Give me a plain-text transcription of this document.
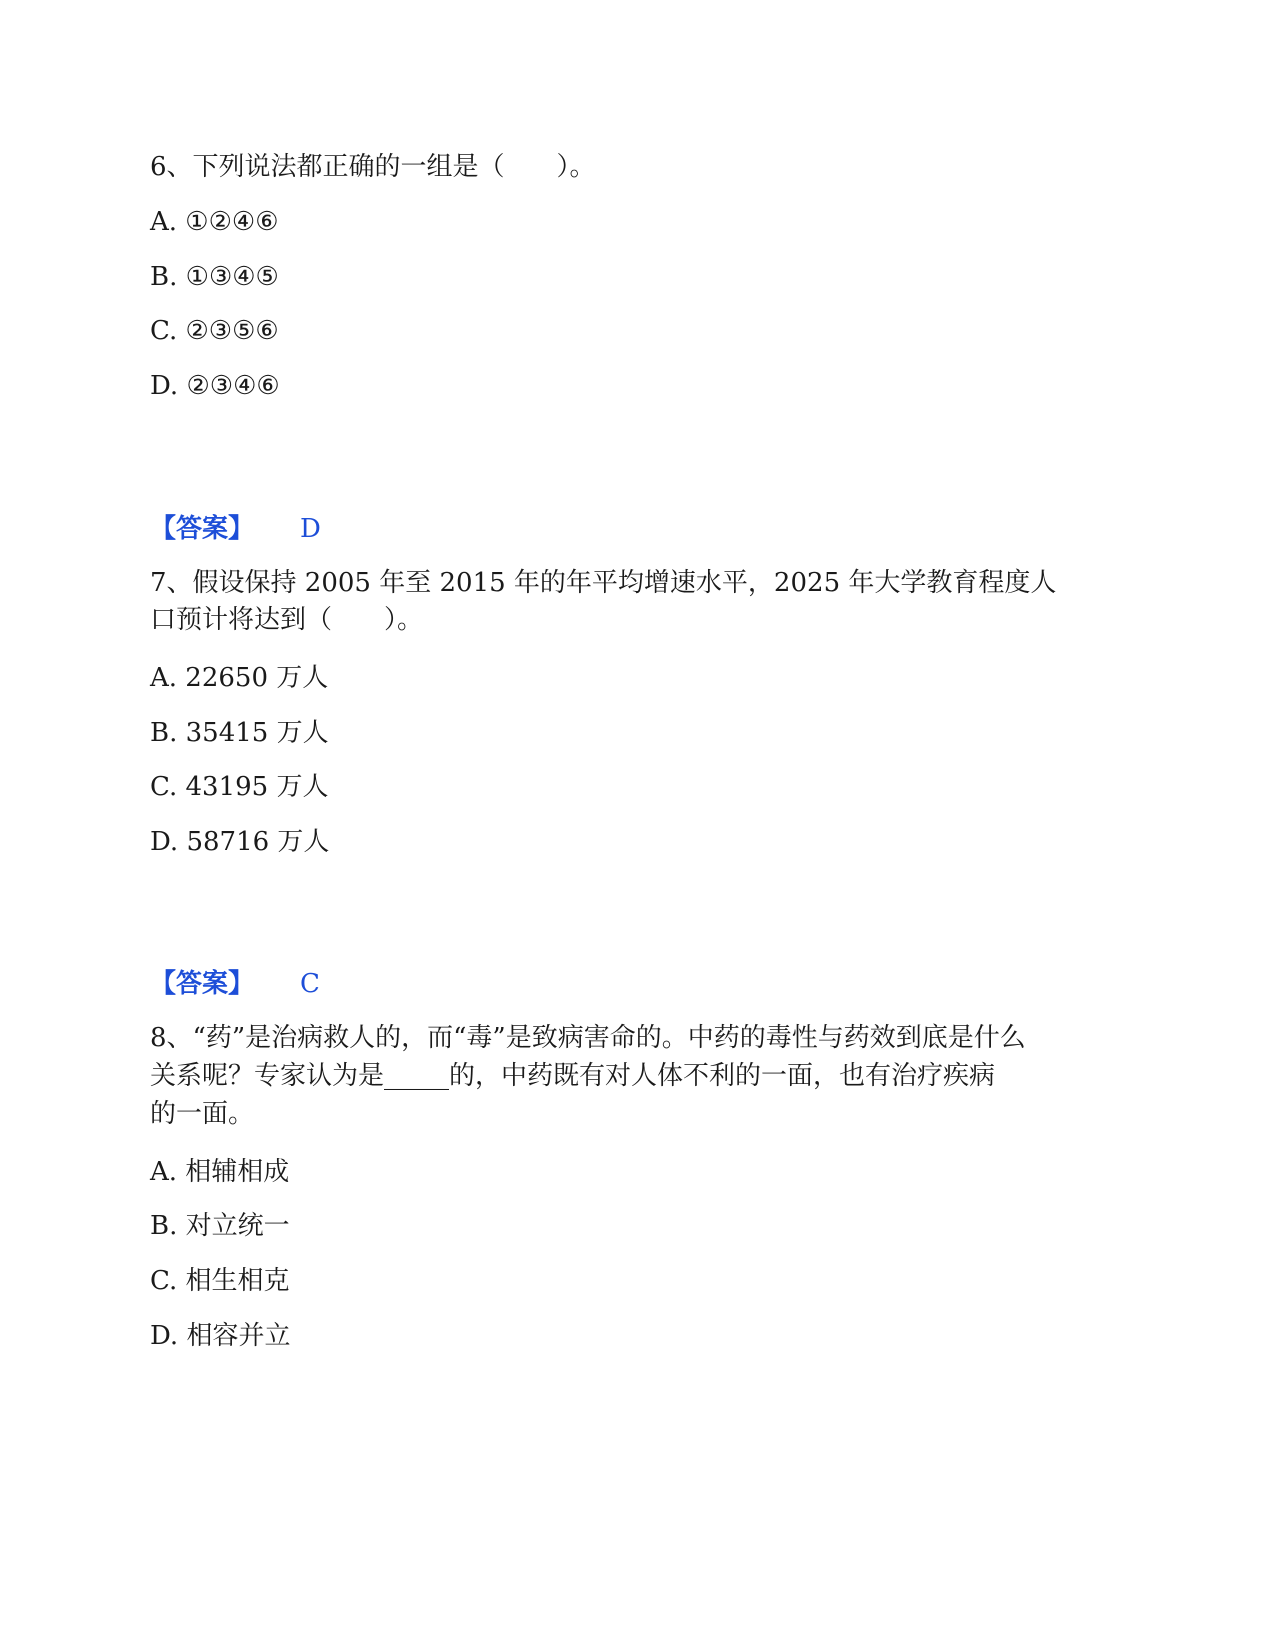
6、下列说法都正确的一组是（　　）。
A. ①②④⑥
B. ①③④⑤
C. ②③⑤⑥
D. ②③④⑥
【答案】 D
7、假设保持 2005 年至 2015 年的年平均增速水平，2025 年大学教育程度人
口预计将达到（　　）。
A. 22650 万人
B. 35415 万人
C. 43195 万人
D. 58716 万人
【答案】 C
8、“药”是治病救人的，而“毒”是致病害命的。中药的毒性与药效到底是什么
关系呢？专家认为是_____的，中药既有对人体不利的一面，也有治疗疾病
的一面。
A. 相辅相成
B. 对立统一
C. 相生相克
D. 相容并立
